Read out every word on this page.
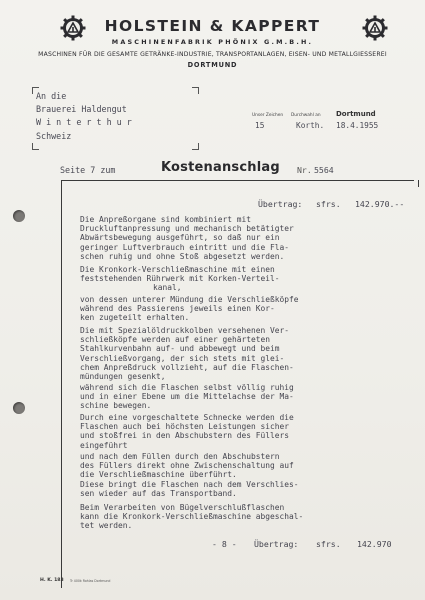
HOLSTEIN & KAPPERT
MASCHINENFABRIK PHÖNIX G.M.B.H.
MASCHINEN FÜR DIE GESAMTE GETRÄNKE-INDUSTRIE, TRANSPORTANLAGEN, EISEN- UND METALLGIESSEREI
DORTMUND
An die
Brauerei Haldengut
W i n t e r t h u r
Schweiz
Unser Zeichen
15
Durchwahl an
Korth.
Dortmund
18.4.1955
Seite 7 zum	Kostenanschlag Nr. 5564
Übertrag: sfrs. 142.970.--
Die Anpreßorgane sind kombiniert mit
Druckluftanpressung und mechanisch betätigter
Abwärtsbewegung ausgeführt, so daß nur ein
geringer Luftverbrauch eintritt und die Fla-
schen ruhig und ohne Stoß abgesetzt werden.
Die Kronkork-Verschließmaschine mit einen
feststehenden Rührwerk mit Korken-Verteil-
kanal,
von dessen unterer Mündung die Verschließköpfe
während des Passierens jeweils einen Kor-
ken zugeteilt erhalten.
Die mit Spezialöldruckkolben versehenen Ver-
schließköpfe werden auf einer gehärteten
Stahlkurvenbahn auf- und abbewegt und beim
Verschließvorgang, der sich stets mit glei-
chem Anpreßdruck vollzieht, auf die Flaschen-
mündungen gesenkt,
während sich die Flaschen selbst völlig ruhig
und in einer Ebene um die Mittelachse der Ma-
schine bewegen.
Durch eine vorgeschaltete Schnecke werden die
Flaschen auch bei höchsten Leistungen sicher
und stoßfrei in den Abschubstern des Füllers
eingeführt
und nach dem Füllen durch den Abschubstern
des Füllers direkt ohne Zwischenschaltung auf
die Verschließmaschine überführt.
Diese bringt die Flaschen nach dem Verschlies-
sen wieder auf das Transportband.
Beim Verarbeiten von Bügelverschlußflaschen
kann die Kronkork-Verschließmaschine abgeschal-
tet werden.
- 8 - Übertrag: sfrs. 142.970
H. K. 183 Tr 400k Rohlas Dortmund
